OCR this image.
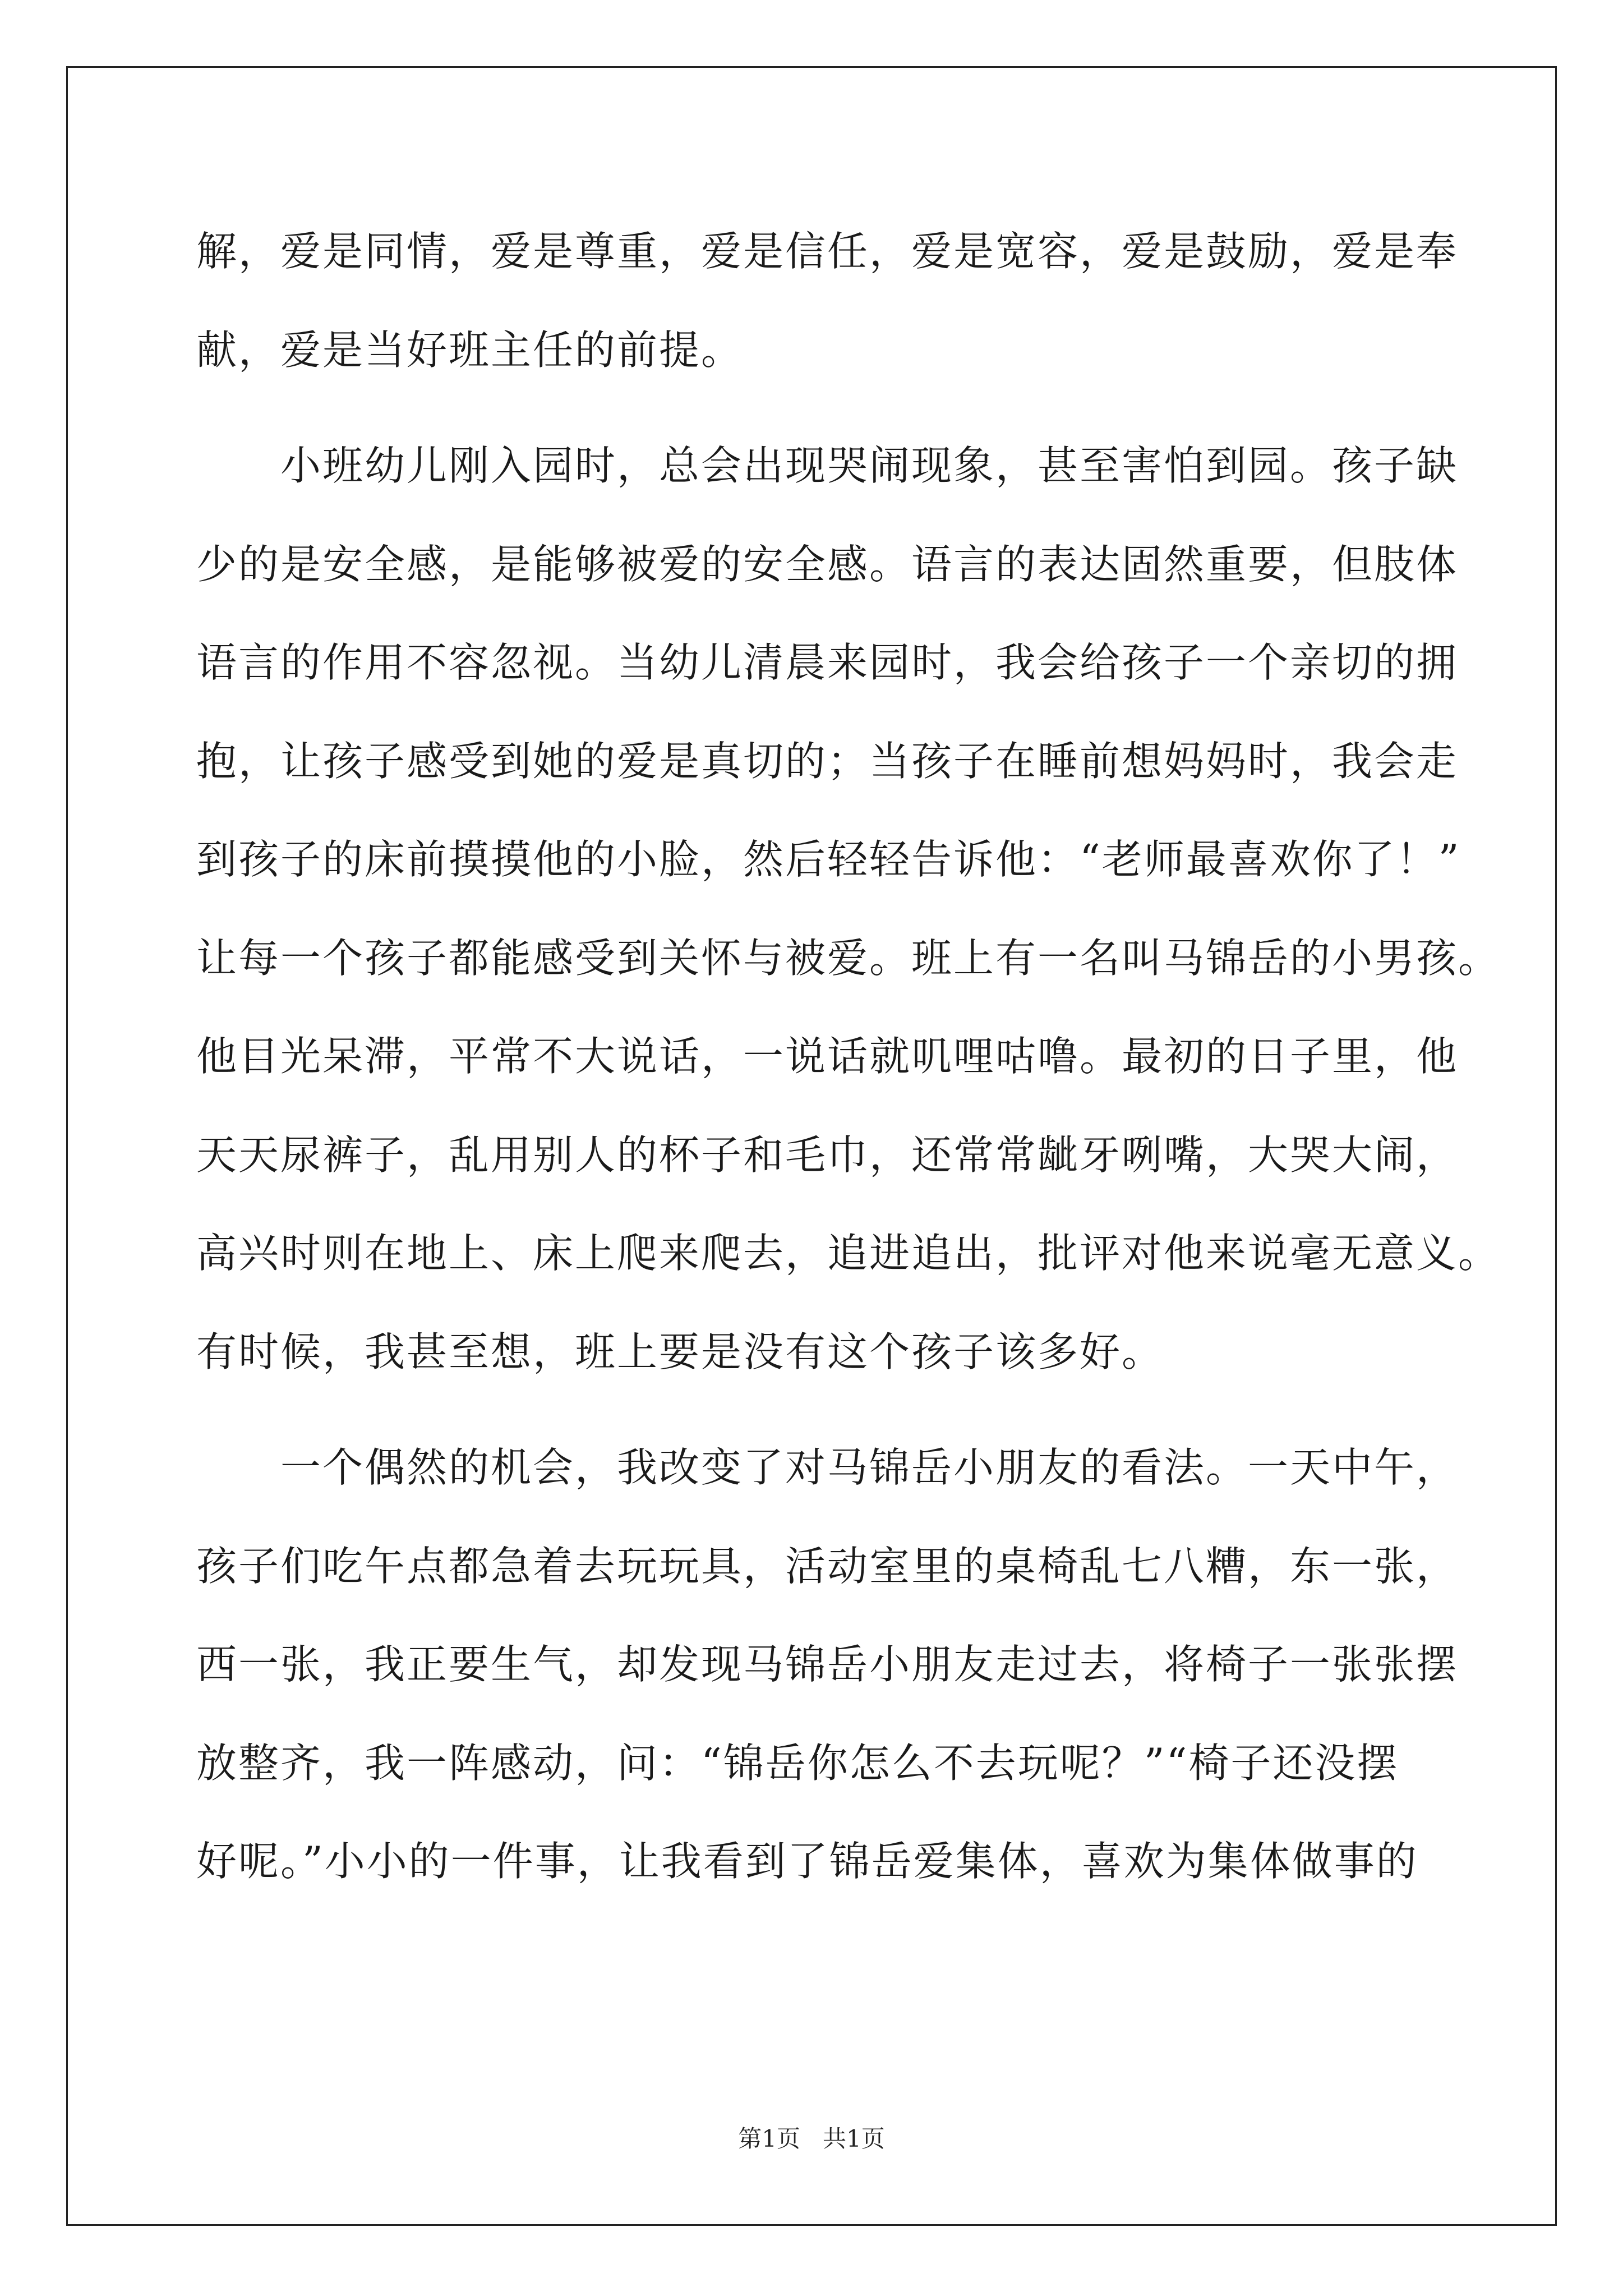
解，爱是同情，爱是尊重，爱是信任，爱是宽容，爱是鼓励，爱是奉
献，爱是当好班主任的前提。
　　小班幼儿刚入园时，总会出现哭闹现象，甚至害怕到园。孩子缺
少的是安全感，是能够被爱的安全感。语言的表达固然重要，但肢体
语言的作用不容忽视。当幼儿清晨来园时，我会给孩子一个亲切的拥
抱，让孩子感受到她的爱是真切的；当孩子在睡前想妈妈时，我会走
到孩子的床前摸摸他的小脸，然后轻轻告诉他：“老师最喜欢你了！”
让每一个孩子都能感受到关怀与被爱。班上有一名叫马锦岳的小男孩。
他目光呆滞，平常不大说话，一说话就叽哩咕噜。最初的日子里，他
天天尿裤子，乱用别人的杯子和毛巾，还常常龇牙咧嘴，大哭大闹，
高兴时则在地上、床上爬来爬去，追进追出，批评对他来说毫无意义。
有时候，我甚至想，班上要是没有这个孩子该多好。
　　一个偶然的机会，我改变了对马锦岳小朋友的看法。一天中午，
孩子们吃午点都急着去玩玩具，活动室里的桌椅乱七八糟，东一张，
西一张，我正要生气，却发现马锦岳小朋友走过去，将椅子一张张摆
放整齐，我一阵感动，问：“锦岳你怎么不去玩呢？”“椅子还没摆
好呢。”小小的一件事，让我看到了锦岳爱集体，喜欢为集体做事的
第1页 共1页
